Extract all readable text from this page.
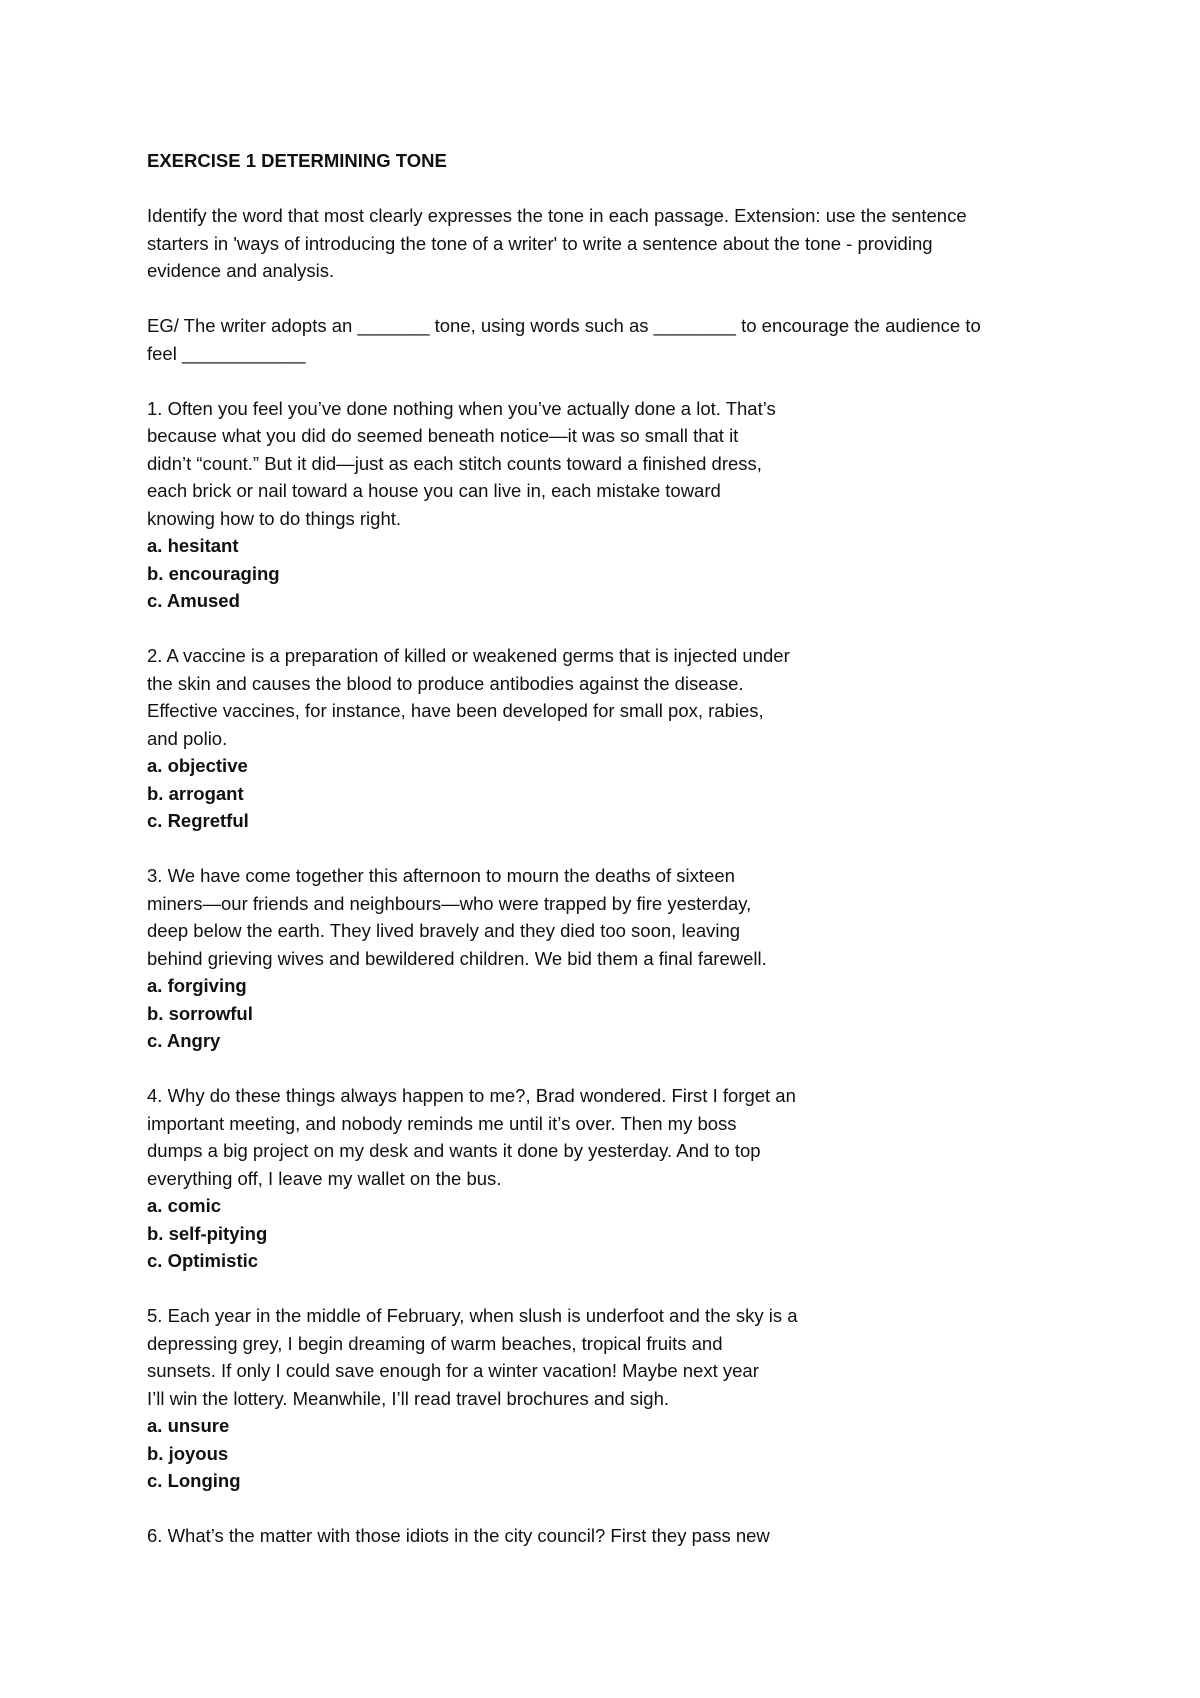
EXERCISE 1 DETERMINING TONE

Identify the word that most clearly expresses the tone in each passage. Extension: use the sentence

starters in 'ways of introducing the tone of a writer' to write a sentence about the tone - providing

evidence and analysis.

EG/ The writer adopts an _______ tone, using words such as ________ to encourage the audience to

feel ____________

1. Often you feel you’ve done nothing when you’ve actually done a lot. That’s

because what you did do seemed beneath notice—it was so small that it

didn’t “count.” But it did—just as each stitch counts toward a finished dress,

each brick or nail toward a house you can live in, each mistake toward

knowing how to do things right.

a. hesitant

b. encouraging

c. Amused

2. A vaccine is a preparation of killed or weakened germs that is injected under

the skin and causes the blood to produce antibodies against the disease.

Effective vaccines, for instance, have been developed for small pox, rabies,

and polio.

a. objective

b. arrogant

c. Regretful

3. We have come together this afternoon to mourn the deaths of sixteen

miners—our friends and neighbours—who were trapped by fire yesterday,

deep below the earth. They lived bravely and they died too soon, leaving

behind grieving wives and bewildered children. We bid them a final farewell.

a. forgiving

b. sorrowful

c. Angry

4. Why do these things always happen to me?, Brad wondered. First I forget an

important meeting, and nobody reminds me until it’s over. Then my boss

dumps a big project on my desk and wants it done by yesterday. And to top

everything off, I leave my wallet on the bus.

a. comic

b. self-pitying

c. Optimistic

5. Each year in the middle of February, when slush is underfoot and the sky is a

depressing grey, I begin dreaming of warm beaches, tropical fruits and

sunsets. If only I could save enough for a winter vacation! Maybe next year

I’ll win the lottery. Meanwhile, I’ll read travel brochures and sigh.

a. unsure

b. joyous

c. Longing

6. What’s the matter with those idiots in the city council? First they pass new
